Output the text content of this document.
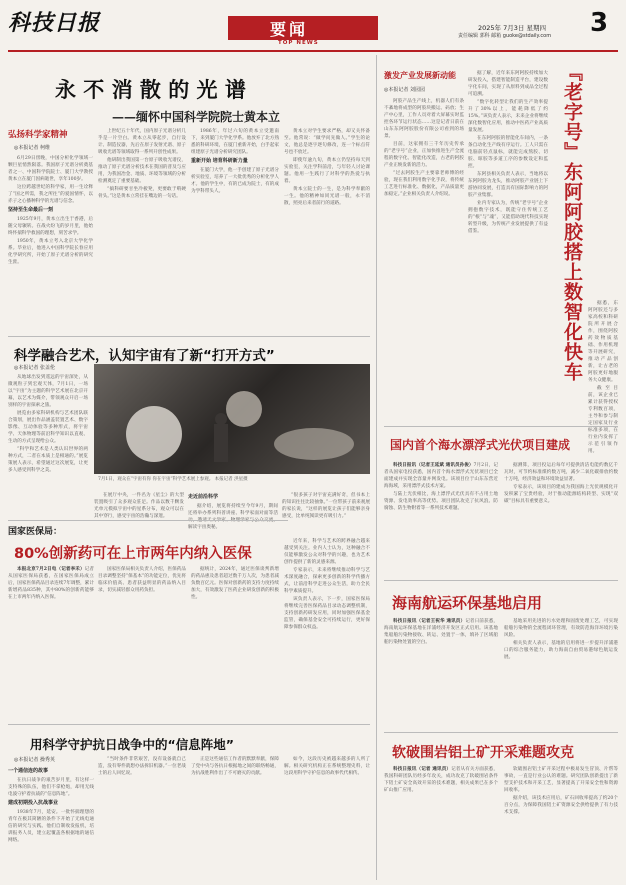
科技日报	要闻
TOP NEWS
2025年 7月3日 星期四
责任编辑 郭科 邮箱 guoke@stdaily.com 3
永 不 消 散 的 光 谱
——缅怀中国科学院院士黄本立
弘扬科学家精神
◎本报记者 柯维

6月29日傍晚，中国分析化学领域一颗巨星悄然陨落。我国原子光谱分析奠基者之一、中国科学院院士、厦门大学教授黄本立在厦门因病逝世，享年100岁。

这位跨越世纪的科学家，用一生诠释了“国之所需，我之所往”的爱国情怀，以赤子之心播种科学的光谱与信念。

坚持至生命最后一刻

1925年9月，黄本立出生于香港，后随父母辗转。在战火纷飞的岁月里，他始终怀揣科学救国的理想，刻苦求学。

1950年，黄本立考入北京大学化学系。毕业后，他进入中国科学院长春应用化学研究所，开始了原子光谱分析的研究生涯。

上世纪五十年代，国内原子光谱分析几乎是一片空白。黄本立从零起步，自行设计、制造仪器，先后在原子发射光谱、原子吸收光谱等领域取得一系列开创性成果。

他研制出我国第一台原子吸收光谱仪，推动了原子光谱分析技术在我国的普及与应用，为我国冶金、地质、环境等领域的分析检测奠定了重要基础。

“搞科研要甘坐冷板凳，更要敢于啃硬骨头。”这是黄本立常挂在嘴边的一句话。

1986年，年过六旬的黄本立受邀南下，来到厦门大学化学系。他放弃了北方熟悉的科研环境，在厦门重新开始，白手起家组建原子光谱分析研究团队。

重新开始 培育科研新力量

在厦门大学，他一手创建了原子光谱分析实验室，培养了一大批优秀的分析化学人才。他的学生中，有的已成为院士，有的成为学科带头人。

黄本立对学生要求严格，却又关怀备至。他常说：“做学问先做人。”学生的论文，他总是逐字逐句修改，连一个标点符号也不放过。

即使年逾九旬，黄本立仍坚持每天到实验室，关注学科前沿，与年轻人讨论课题。他用一生践行了对科学的热爱与执着。

黄本立院士的一生，是为科学奉献的一生。他的精神如同光谱一般，永不消散，照亮后来者前行的道路。

科学融合艺术，认知宇宙有了新“打开方式”
◎本报记者 张盖伦

从地球出发到遥远的宇宙深处，从微观粒子到宏观天体，7月1日，一场以“宇宙”为主题的科学艺术展在北京开幕，以艺术为媒介，带领观众开启一场别样的宇宙探索之旅。

展览由多家科研机构与艺术团队联合策划，展出作品涵盖装置艺术、数字影像、互动体验等多种形式，将宇宙学、天体物理等前沿科学知识以直观、生动的方式呈现给公众。

“科学和艺术是人类认识世界的两种方式，二者在本质上是相通的。”展览策展人表示，希望通过这次展览，让更多人感受到科学之美。

7月1日，观众在“宇宙有你 你在宇宙”科学艺术展上参观。 本报记者 洪星摄

在展厅中央，一件名为《星尘》的大型装置吸引了众多观众驻足。作品以数千颗发光单元模拟宇宙中的星系分布，观众可以在其中穿行，感受宇宙的浩瀚与深邃。

走近前沿科学

据介绍，展览将持续至今年9月，期间还将举办系列科普讲座、科学家面对面等活 解读宇宙奥秘。

“很多孩子对宇宙充满好奇，但书本上的知识往往比较抽象。”一位带孩子前来观展的家长说，“这样的展览让孩子们能够亲身感受，比单纯阅读更有吸引力。”

国家医保局：
80%创新药可在上市两年内纳入医保

本报北京7月2日电（记者李禾）记者从国家医保局获悉，在国家医保局成立后，国家医保药品目录连续7年调整，累计新增药品835种，其中80%的创新药能够在上市两年内纳入医保。

国家医保局相关负责人介绍，医保药品目录调整坚持“保基本”的功能定位，优先将临床价值高、患者获益明显的药品纳入目录，切实减轻群众用药负担。

据统计，2024年，通过医保谈判新增的药品惠及患者超过数千万人次，为患者减负数百亿元。医保对创新药的支持力度持续加大，有效激发了医药企业研发创新的积极性。

近年来，科学与艺术的跨界融合越来越受到关注。业内人士认为，这种融合不仅能够激发公众对科学的兴趣，也为艺术创作提供了新的灵感来源。

专家表示，未来将继续推动科学与艺术深度融合，探索更多创新的科学传播方式，让前沿科学走进公众生活，助力全民科学素质提升。

该负责人表示，下一步，国家医保局将继续完善医保药品目录动态调整机制，支持创新药研发应用，同时加强医保基金监管，确保基金安全可持续运行，更好保障参保群众权益。

用科学守护抗日战争中的“信息阵地”
◎本报记者 操秀英
一个通信连的故事

在抗日战争的艰苦岁月里，有这样一支特殊的队伍，他们不拿枪炮，却用无线电波守护着抗战的“信息阵地”。

建成初期投入抗战事业

1938年7月，延安。一批怀揣理想的青年在极其简陋的条件下开始了无线电通信的研究与实践。他们自制收发报机，培训报务人员，建立起覆盖各根据地的通信网络。

“当时条件非常艰苦，没有设备就自己造，没有零件就想办法拆旧机器。”一位老战士的后人回忆说。

正是这些通信工作者的默默奉献，保障了党中央与各抗日根据地之间的联络畅通，为抗战胜利作出了不可磨灭的贡献。

如今，这段历史被越来越多的人所了解。相关研究机构正在系统整理史料，让这段用科学守护信息的故事代代相传。

激发产业发展新动能
◎本报记者 刘园园

阿胶产品生产线上，机器人们有条不紊地将成型的阿胶块搬运、码放；生产中心里，工作人员对着大屏幕实时监控各环节运行状态……这是记者日前在山东东阿阿胶股份有限公司看到的场景。

目前，这家拥有三千年历史传承的“老字号”企业，正加快推进生产全流程的数字化、智能化改造，古老的阿胶产业正焕发新的活力。

“过去阿胶生产主要靠老师傅的经验，现在我们利用数字化手段，将传统工艺进行标准化、数据化，产品质量更加稳定。”企业相关负责人介绍说。

据了解，近年来东阿阿胶持续加大研发投入，搭建智能制造平台，建设数字化车间，实现了从原料到成品全过程可追溯。

“数字化转型让我们的生产效率提升了30%以上，能耗降低了约15%。”该负责人表示，未来企业将继续深化数智化应用，推动中医药产业高质量发展。

在东阿阿胶的智能化车间内，一条条自动化生产线有序运行。工人只需在电脑前轻点鼠标，就能完成熬胶、切胶、晾胶等多道工序的参数设定和监控。

东阿县相关负责人表示，当地将以东阿阿胶为龙头，推动阿胶产业链上下游协同发展，打造具有国际影响力的阿胶产业集群。

业内专家认为，传统“老字号”企业拥抱数字技术，既能守住传统工艺的“根”与“魂”，又能借助现代科技实现转型升级，为传统产业发展提供了有益借鉴。	『老字号』东阿阿胶搭上数智化快车	据悉，东阿阿胶还与多家高校和科研院所开展合作，围绕阿胶药效物质基础、作用机理等开展研究，推动产品创新，让古老的阿胶更好地服务大众健康。

截至目前，该企业已累计获得授权专利数百项，主导和参与制定国家及行业标准多项，在行业内发挥了示范引领作用。

国内首个海水漂浮式光伏项目建成

科技日报讯（记者王延斌 通讯员孙俊）7月2日，记者从国家电投获悉，国内首个海水漂浮式光伏项目已全面建成并实现全容量并网发电。该项目位于山东东营近海海域，采用漂浮式技术方案。

与陆上光伏相比，海上漂浮式光伏具有不占用土地资源、发电效率高等优势。项目团队攻克了抗风浪、防腐蚀、防生物附着等一系列技术难题。

据测算，项目投运后每年可提供清洁电能约数亿千瓦时，可节约标准煤约数万吨，减少二氧化碳排放约数十万吨，经济效益和环境效益显著。

专家表示，该项目的建成为我国海上光伏规模化开发积累了宝贵经验，对于推动能源结构转型、实现“双碳”目标具有重要意义。

海南航运环保基地启用

科技日报讯（记者王祝华 通讯员）记者日前获悉，海南航运环保基地在洋浦经济开发区正式启用。该基地集船舶污染物接收、转运、处置于一体，填补了区域船舶污染物处置的空白。

基地采用先进的污水处理和固废处理工艺，可实现船舶污染物的全流程闭环管理，有效防范海洋环境污染风险。

相关负责人表示，基地的启用将进一步提升洋浦港口的综合服务能力，助力海南自由贸易港绿色航运发展。

软破围岩铝土矿开采难题攻克

科技日报讯（记者 通讯员）记者从有关方面获悉，我国科研团队历经多年攻关，成功攻克了软破围岩条件下铝土矿安全高效开采的技术难题，相关成果已在多个矿山推广应用。

软破围岩铝土矿开采过程中极易发生冒顶、片帮等事故，一直是行业公认的难题。研究团队创新提出了新型支护技术和开采工艺，显著提高了开采安全性和资源回收率。

据介绍，该技术应用后，矿石回收率提高了约20个百分点，为保障我国铝土矿资源安全供给提供了有力技术支撑。
